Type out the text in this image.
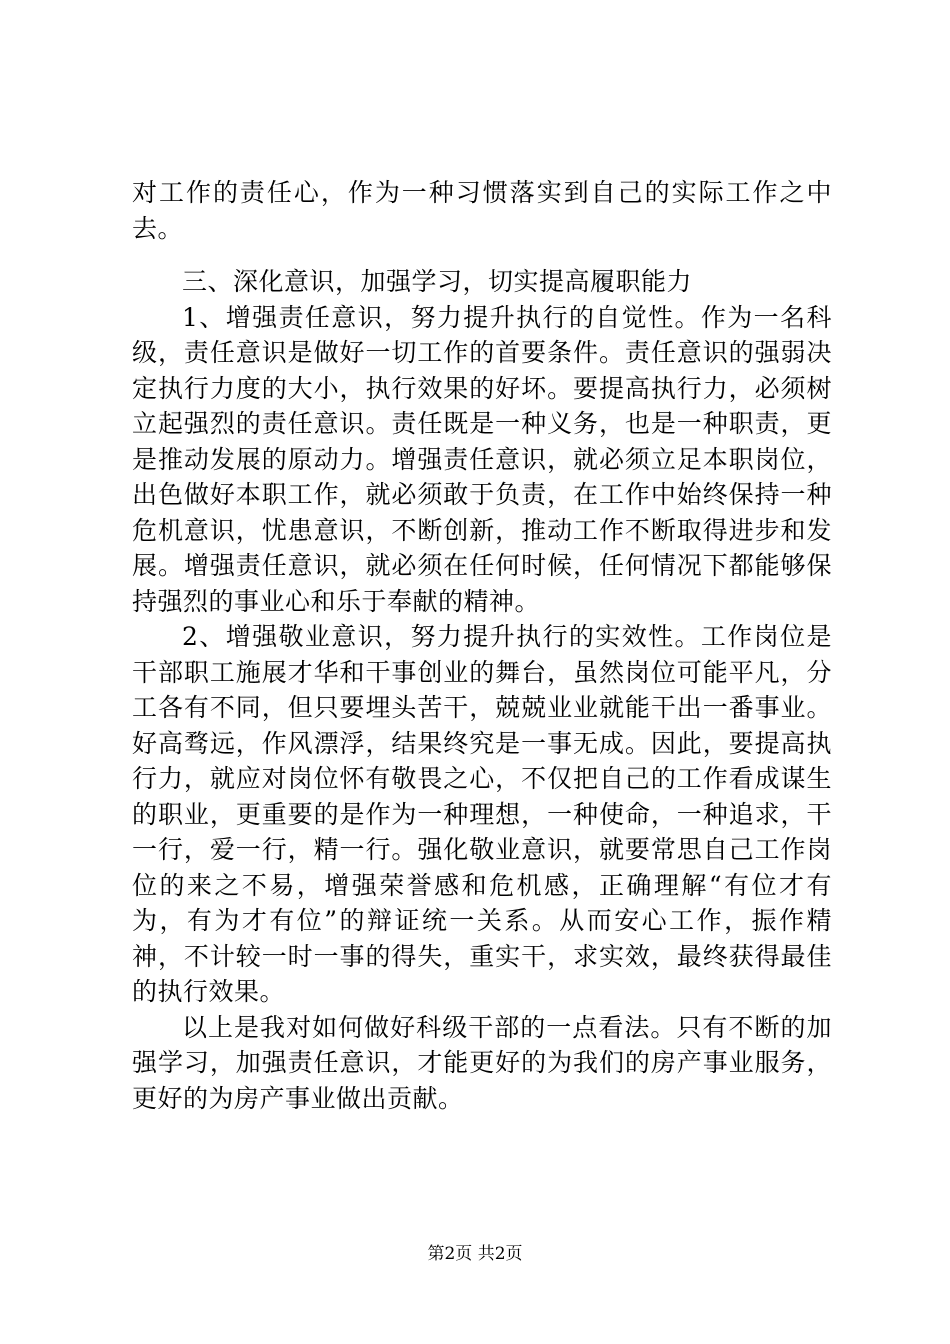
对工作的责任心，作为一种习惯落实到自己的实际工作之中去。

三、深化意识，加强学习，切实提高履职能力

1、增强责任意识，努力提升执行的自觉性。作为一名科级，责任意识是做好一切工作的首要条件。责任意识的强弱决定执行力度的大小，执行效果的好坏。要提高执行力，必须树立起强烈的责任意识。责任既是一种义务，也是一种职责，更是推动发展的原动力。增强责任意识，就必须立足本职岗位，出色做好本职工作，就必须敢于负责，在工作中始终保持一种危机意识，忧患意识，不断创新，推动工作不断取得进步和发展。增强责任意识，就必须在任何时候，任何情况下都能够保持强烈的事业心和乐于奉献的精神。

2、增强敬业意识，努力提升执行的实效性。工作岗位是干部职工施展才华和干事创业的舞台，虽然岗位可能平凡，分工各有不同，但只要埋头苦干，兢兢业业就能干出一番事业。好高骛远，作风漂浮，结果终究是一事无成。因此，要提高执行力，就应对岗位怀有敬畏之心，不仅把自己的工作看成谋生的职业，更重要的是作为一种理想，一种使命，一种追求，干一行，爱一行，精一行。强化敬业意识，就要常思自己工作岗位的来之不易，增强荣誉感和危机感，正确理解“有位才有为，有为才有位”的辩证统一关系。从而安心工作，振作精神，不计较一时一事的得失，重实干，求实效，最终获得最佳的执行效果。

以上是我对如何做好科级干部的一点看法。只有不断的加强学习，加强责任意识，才能更好的为我们的房产事业服务，更好的为房产事业做出贡献。

第2页 共2页
